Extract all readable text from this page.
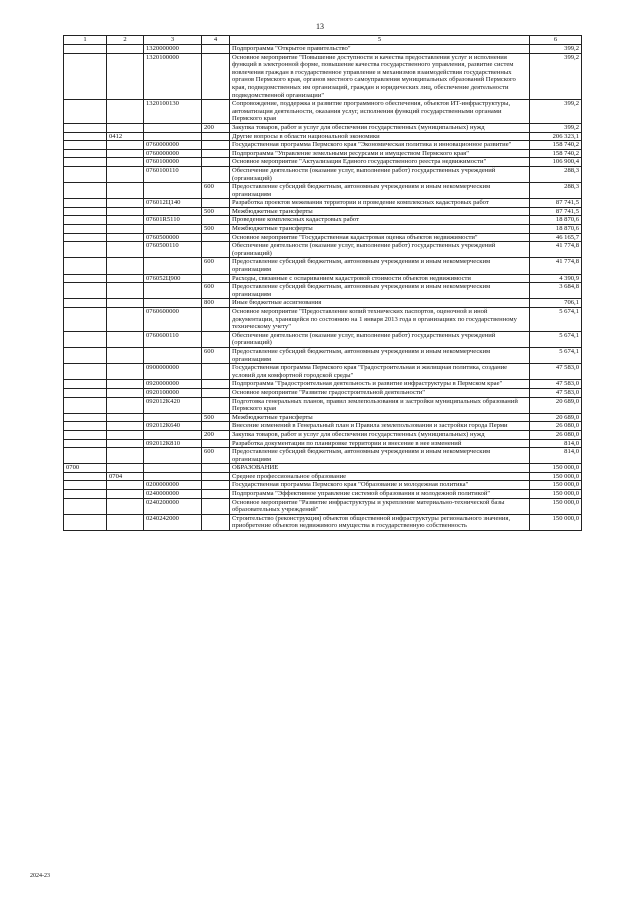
13
1	2	3	4	5	6
		1320000000		Подпрограмма "Открытое правительство"	399,2
		1320100000		Основное мероприятие "Повышение доступности и качества предоставления услуг и исполнения функций в электронной форме, повышение качества государственного управления, развитие систем вовлечения граждан в государственное управление и механизмов взаимодействия государственных органов Пермского края, органов местного самоуправления муниципальных образований Пермского края, подведомственных им организаций, граждан и юридических лиц, обеспечение деятельности подведомственной организации"	399,2
		1320100130		Сопровождение, поддержка и развитие программного обеспечения, объектов ИТ-инфраструктуры, автоматизация деятельности, оказания услуг, исполнения функций государственными органами Пермского края	399,2
			200	Закупка товаров, работ и услуг для обеспечения государственных (муниципальных) нужд	399,2
	0412			Другие вопросы в области национальной экономики	206 323,1
		0760000000		Государственная программа Пермского края "Экономическая политика и инновационное развитие"	158 740,2
		0760000000		Подпрограмма "Управление земельными ресурсами и имуществом Пермского края"	158 740,2
		0760100000		Основное мероприятие "Актуализация Единого государственного реестра недвижимости"	106 900,4
		0760100110		Обеспечение деятельности (оказание услуг, выполнение работ) государственных учреждений (организаций)	288,3
			600	Предоставление субсидий бюджетным, автономным учреждениям и иным некоммерческим организациям	288,3
		076012Ц140		Разработка проектов межевания территории и проведение комплексных кадастровых работ	87 741,5
			500	Межбюджетные трансферты	87 741,5
		07601R5110		Проведение комплексных кадастровых работ	18 870,6
			500	Межбюджетные трансферты	18 870,6
		0760500000		Основное мероприятие "Государственная кадастровая оценка объектов недвижимости"	46 165,7
		0760500110		Обеспечение деятельности (оказание услуг, выполнение работ) государственных учреждений (организаций)	41 774,8
			600	Предоставление субсидий бюджетным, автономным учреждениям и иным некоммерческим организациям	41 774,8
		076052Ц900		Расходы, связанные с оспариванием кадастровой стоимости объектов недвижимости	4 390,9
			600	Предоставление субсидий бюджетным, автономным учреждениям и иным некоммерческим организациям	3 684,8
			800	Иные бюджетные ассигнования	706,1
		0760600000		Основное мероприятие "Предоставление копий технических паспортов, оценочной и иной документации, хранящейся по состоянию на 1 января 2013 года в организациях по государственному техническому учету"	5 674,1
		0760600110		Обеспечение деятельности (оказание услуг, выполнение работ) государственных учреждений (организаций)	5 674,1
			600	Предоставление субсидий бюджетным, автономным учреждениям и иным некоммерческим организациям	5 674,1
		0900000000		Государственная программа Пермского края "Градостроительная и жилищная политика, создание условий для комфортной городской среды"	47 583,0
		0920000000		Подпрограмма "Градостроительная деятельность и развитие инфраструктуры в Пермском крае"	47 583,0
		0920100000		Основное мероприятие "Развитие градостроительной деятельности"	47 583,0
		092012К420		Подготовка генеральных планов, правил землепользования и застройки муниципальных образований Пермского края	20 689,0
			500	Межбюджетные трансферты	20 689,0
		092012К640		Внесение изменений в Генеральный план и Правила землепользования и застройки города Перми	26 080,0
			200	Закупка товаров, работ и услуг для обеспечения государственных (муниципальных) нужд	26 080,0
		092012К810		Разработка документации по планировке территории и внесение в нее изменений	814,0
			600	Предоставление субсидий бюджетным, автономным учреждениям и иным некоммерческим организациям	814,0
0700				ОБРАЗОВАНИЕ	150 000,0
	0704			Среднее профессиональное образование	150 000,0
		0200000000		Государственная программа Пермского края "Образование и молодежная политика"	150 000,0
		0240000000		Подпрограмма "Эффективное управление системой образования и молодежной политикой"	150 000,0
		0240200000		Основное мероприятие "Развитие инфраструктуры и укрепление материально-технической базы образовательных учреждений"	150 000,0
		0240242000		Строительство (реконструкция) объектов общественной инфраструктуры регионального значения, приобретение объектов недвижимого имущества в государственную собственность	150 000,0
2024-23
